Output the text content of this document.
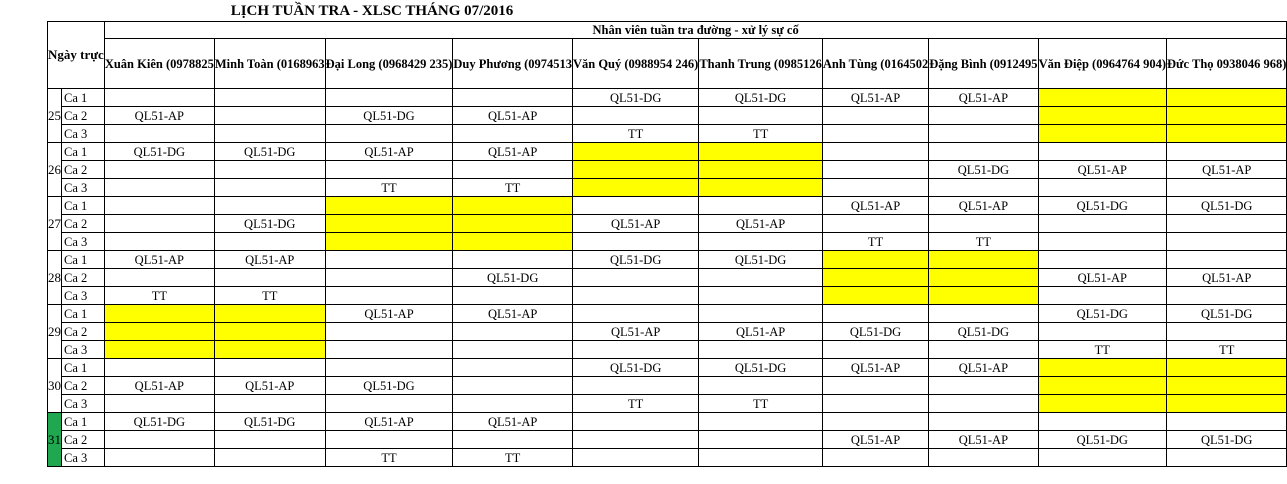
LỊCH TUẦN TRA - XLSC THÁNG 07/2016
Ngày trực		Nhân viên tuần tra đường - xử lý sự cố									
		Xuân Kiên (0978825	Minh Toàn (0168963	Đại Long (0968429 235)	Duy Phương (0974513	Văn Quý (0988954 246)	Thanh Trung (0985126	Anh Tùng (0164502	Đặng Bình (0912495	Văn Điệp (0964764 904)	Đức Thọ 0938046 968)
25	Ca 1					QL51-DG	QL51-DG	QL51-AP	QL51-AP		
	Ca 2	QL51-AP		QL51-DG	QL51-AP						
	Ca 3					TT	TT				
26	Ca 1	QL51-DG	QL51-DG	QL51-AP	QL51-AP						
	Ca 2								QL51-DG	QL51-AP	QL51-AP
	Ca 3			TT	TT						
27	Ca 1							QL51-AP	QL51-AP	QL51-DG	QL51-DG
	Ca 2		QL51-DG			QL51-AP	QL51-AP				
	Ca 3							TT	TT		
28	Ca 1	QL51-AP	QL51-AP			QL51-DG	QL51-DG				
	Ca 2				QL51-DG					QL51-AP	QL51-AP
	Ca 3	TT	TT								
29	Ca 1			QL51-AP	QL51-AP					QL51-DG	QL51-DG
	Ca 2					QL51-AP	QL51-AP	QL51-DG	QL51-DG		
	Ca 3									TT	TT
30	Ca 1					QL51-DG	QL51-DG	QL51-AP	QL51-AP		
	Ca 2	QL51-AP	QL51-AP	QL51-DG							
	Ca 3					TT	TT				
31	Ca 1	QL51-DG	QL51-DG	QL51-AP	QL51-AP						
	Ca 2							QL51-AP	QL51-AP	QL51-DG	QL51-DG
	Ca 3			TT	TT						
